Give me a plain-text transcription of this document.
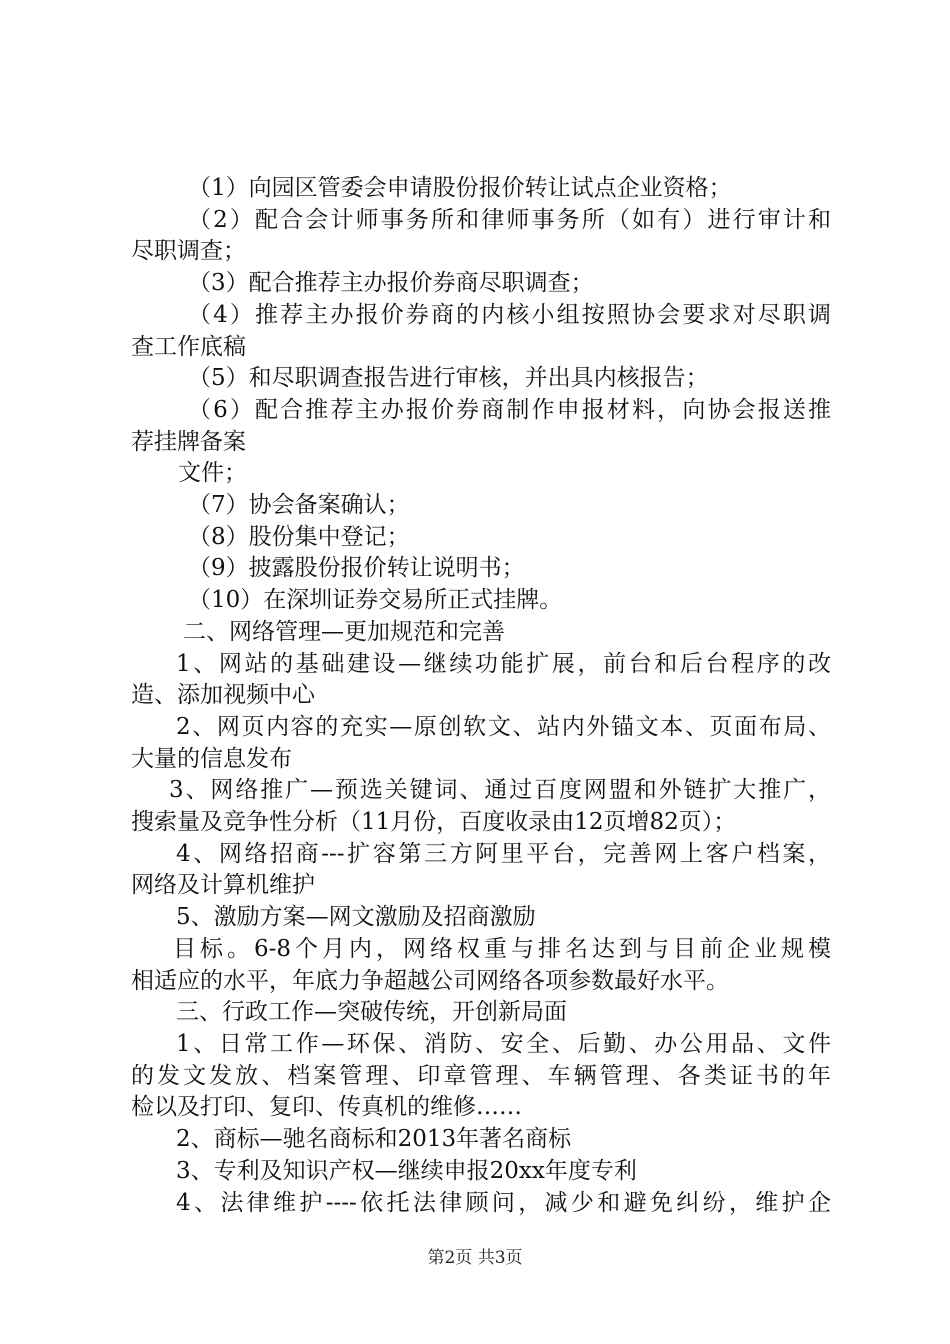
（1）向园区管委会申请股份报价转让试点企业资格；
（2）配合会计师事务所和律师事务所（如有）进行审计和
尽职调查；
（3）配合推荐主办报价券商尽职调查；
（4）推荐主办报价券商的内核小组按照协会要求对尽职调
查工作底稿
（5）和尽职调查报告进行审核，并出具内核报告；
（6）配合推荐主办报价券商制作申报材料，向协会报送推
荐挂牌备案
文件；
（7）协会备案确认；
（8）股份集中登记；
（9）披露股份报价转让说明书；
（10）在深圳证券交易所正式挂牌。
二、网络管理—更加规范和完善
1、网站的基础建设—继续功能扩展，前台和后台程序的改
造、添加视频中心
2、网页内容的充实—原创软文、站内外锚文本、页面布局、
大量的信息发布
3、网络推广—预选关键词、通过百度网盟和外链扩大推广，
搜索量及竞争性分析（11月份，百度收录由12页增82页）；
4、网络招商---扩容第三方阿里平台，完善网上客户档案，
网络及计算机维护
5、激励方案—网文激励及招商激励
目标。6-8个月内，网络权重与排名达到与目前企业规模
相适应的水平，年底力争超越公司网络各项参数最好水平。
三、行政工作—突破传统，开创新局面
1、日常工作—环保、消防、安全、后勤、办公用品、文件
的发文发放、档案管理、印章管理、车辆管理、各类证书的年
检以及打印、复印、传真机的维修……
2、商标—驰名商标和2013年著名商标
3、专利及知识产权—继续申报20xx年度专利
4、法律维护----依托法律顾问，减少和避免纠纷，维护企
第2页 共3页
